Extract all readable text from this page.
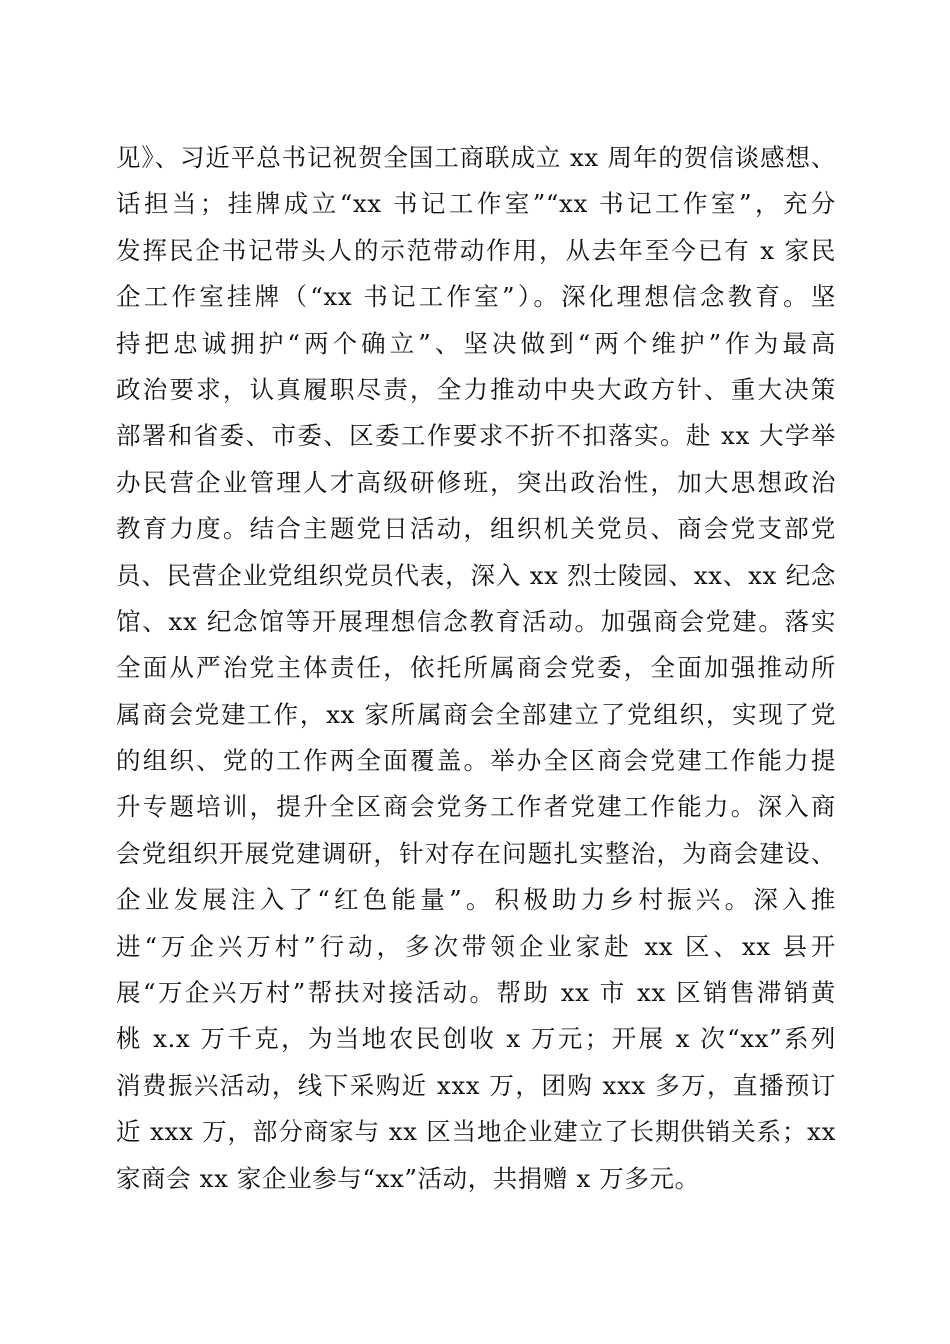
见》、习近平总书记祝贺全国工商联成立 xx 周年的贺信谈感想、
话担当；挂牌成立“xx 书记工作室”“xx 书记工作室”，充分
发挥民企书记带头人的示范带动作用，从去年至今已有 x 家民
企工作室挂牌（“xx 书记工作室”）。深化理想信念教育。坚
持把忠诚拥护“两个确立”、坚决做到“两个维护”作为最高
政治要求，认真履职尽责，全力推动中央大政方针、重大决策
部署和省委、市委、区委工作要求不折不扣落实。赴 xx 大学举
办民营企业管理人才高级研修班，突出政治性，加大思想政治
教育力度。结合主题党日活动，组织机关党员、商会党支部党
员、民营企业党组织党员代表，深入 xx 烈士陵园、xx、xx 纪念
馆、xx 纪念馆等开展理想信念教育活动。加强商会党建。落实
全面从严治党主体责任，依托所属商会党委，全面加强推动所
属商会党建工作，xx 家所属商会全部建立了党组织，实现了党
的组织、党的工作两全面覆盖。举办全区商会党建工作能力提
升专题培训，提升全区商会党务工作者党建工作能力。深入商
会党组织开展党建调研，针对存在问题扎实整治，为商会建设、
企业发展注入了“红色能量”。积极助力乡村振兴。深入推
进“万企兴万村”行动，多次带领企业家赴 xx 区、xx 县开
展“万企兴万村”帮扶对接活动。帮助 xx 市 xx 区销售滞销黄
桃 x.x 万千克，为当地农民创收 x 万元；开展 x 次“xx”系列
消费振兴活动，线下采购近 xxx 万，团购 xxx 多万，直播预订
近 xxx 万，部分商家与 xx 区当地企业建立了长期供销关系；xx
家商会 xx 家企业参与“xx”活动，共捐赠 x 万多元。
